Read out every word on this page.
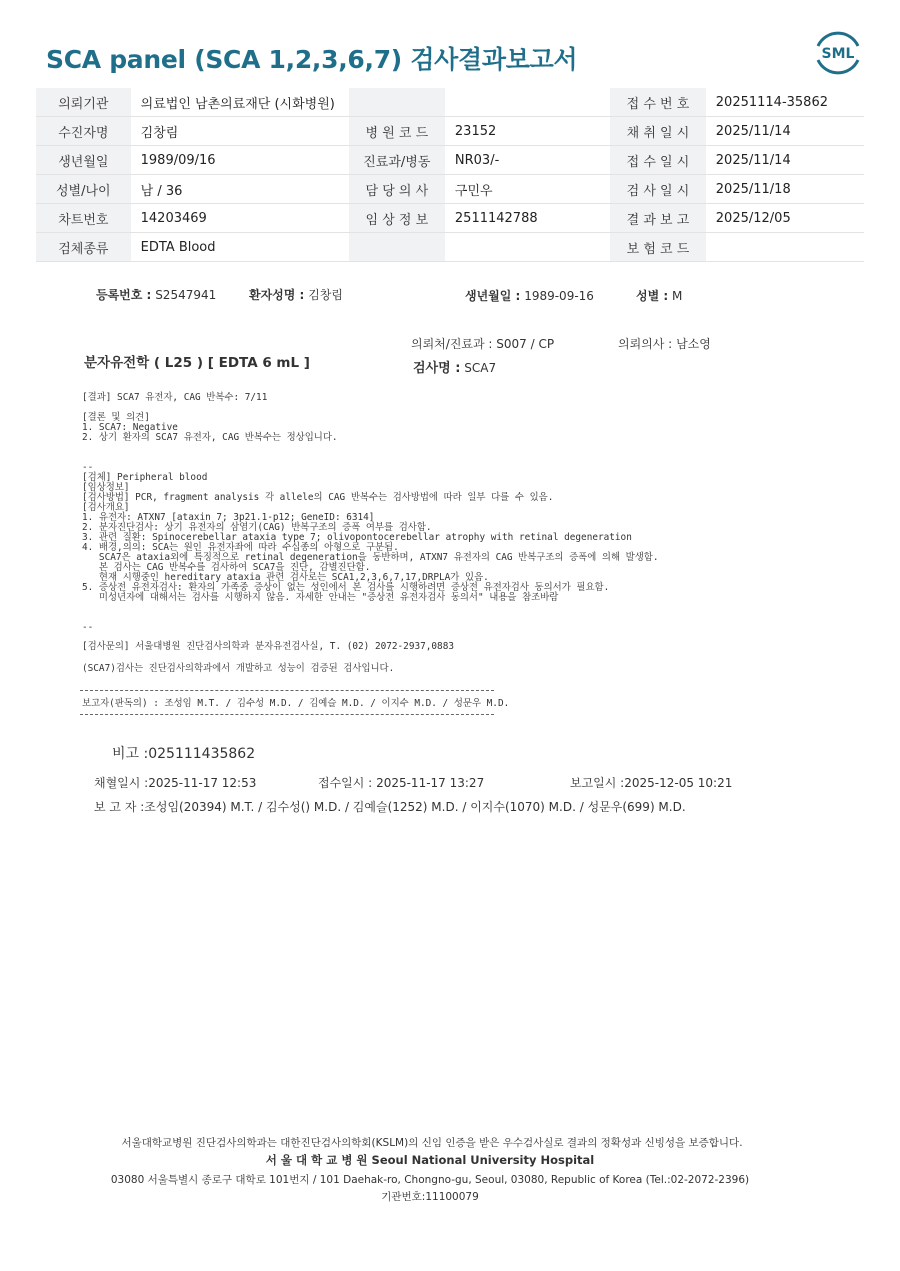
SCA panel (SCA 1,2,3,6,7) 검사결과보고서	SML
의뢰기관	의료법인 남촌의료재단 (시화병원)			접 수 번 호	20251114-35862
수진자명	김창림	병 원 코 드	23152	채 취 일 시	2025/11/14
생년월일	1989/09/16	진료과/병동	NR03/-	접 수 일 시	2025/11/14
성별/나이	남 / 36	담 당 의 사	구민우	검 사 일 시	2025/11/18
차트번호	14203469	임 상 정 보	2511142788	결 과 보 고	2025/12/05
검체종류	EDTA Blood			보 험 코 드	
등록번호 : S2547941	환자성명 : 김창림	생년월일 : 1989-09-16	성별 : M
의뢰처/진료과 : S007 / CP	의뢰의사 : 남소영
분자유전학 ( L25 ) [ EDTA 6 mL ]	검사명 : SCA7
[결과] SCA7 유전자, CAG 반복수: 7/11
[결론 및 의견]
1. SCA7: Negative
2. 상기 환자의 SCA7 유전자, CAG 반복수는 정상입니다.
--
[검체] Peripheral blood
[임상정보]
[검사방법] PCR, fragment analysis 각 allele의 CAG 반복수는 검사방법에 따라 일부 다를 수 있음.
[검사개요]
1. 유전자: ATXN7 [ataxin 7; 3p21.1-p12; GeneID: 6314]
2. 분자진단검사: 상기 유전자의 삼염기(CAG) 반복구조의 증폭 여부를 검사함.
3. 관련 질환: Spinocerebellar ataxia type 7; olivopontocerebellar atrophy with retinal degeneration
4. 배경,의의: SCA는 원인 유전자좌에 따라 수십종의 아형으로 구분됨.
SCA7은 ataxia외에 특징적으로 retinal degeneration을 동반하며, ATXN7 유전자의 CAG 반복구조의 증폭에 의해 발생함.
본 검사는 CAG 반복수를 검사하여 SCA7을 진단, 감별진단함.
현재 시행중인 hereditary ataxia 관련 검사로는 SCA1,2,3,6,7,17,DRPLA가 있음.
5. 증상전 유전자검사: 환자의 가족중 증상이 없는 성인에서 본 검사를 시행하려면 증상전 유전자검사 동의서가 필요함.
미성년자에 대해서는 검사를 시행하지 않음. 자세한 안내는 "증상전 유전자검사 동의서" 내용을 참조바람
--
[검사문의] 서울대병원 진단검사의학과 분자유전검사실, T. (02) 2072-2937,0883
(SCA7)검사는 진단검사의학과에서 개발하고 성능이 검증된 검사입니다.
보고자(판독의) : 조성임 M.T. / 김수성 M.D. / 김예슬 M.D. / 이지수 M.D. / 성문우 M.D.
비고 :025111435862
채혈일시 :2025-11-17 12:53	접수일시 : 2025-11-17 13:27	보고일시 :2025-12-05 10:21
보 고 자 :조성임(20394) M.T. / 김수성() M.D. / 김예슬(1252) M.D. / 이지수(1070) M.D. / 성문우(699) M.D.
서울대학교병원 진단검사의학과는 대한진단검사의학회(KSLM)의 신임 인증을 받은 우수검사실로 결과의 정확성과 신빙성을 보증합니다.
서 울 대 학 교 병 원 Seoul National University Hospital
03080 서울특별시 종로구 대학로 101번지 / 101 Daehak-ro, Chongno-gu, Seoul, 03080, Republic of Korea (Tel.:02-2072-2396)
기관번호:11100079
